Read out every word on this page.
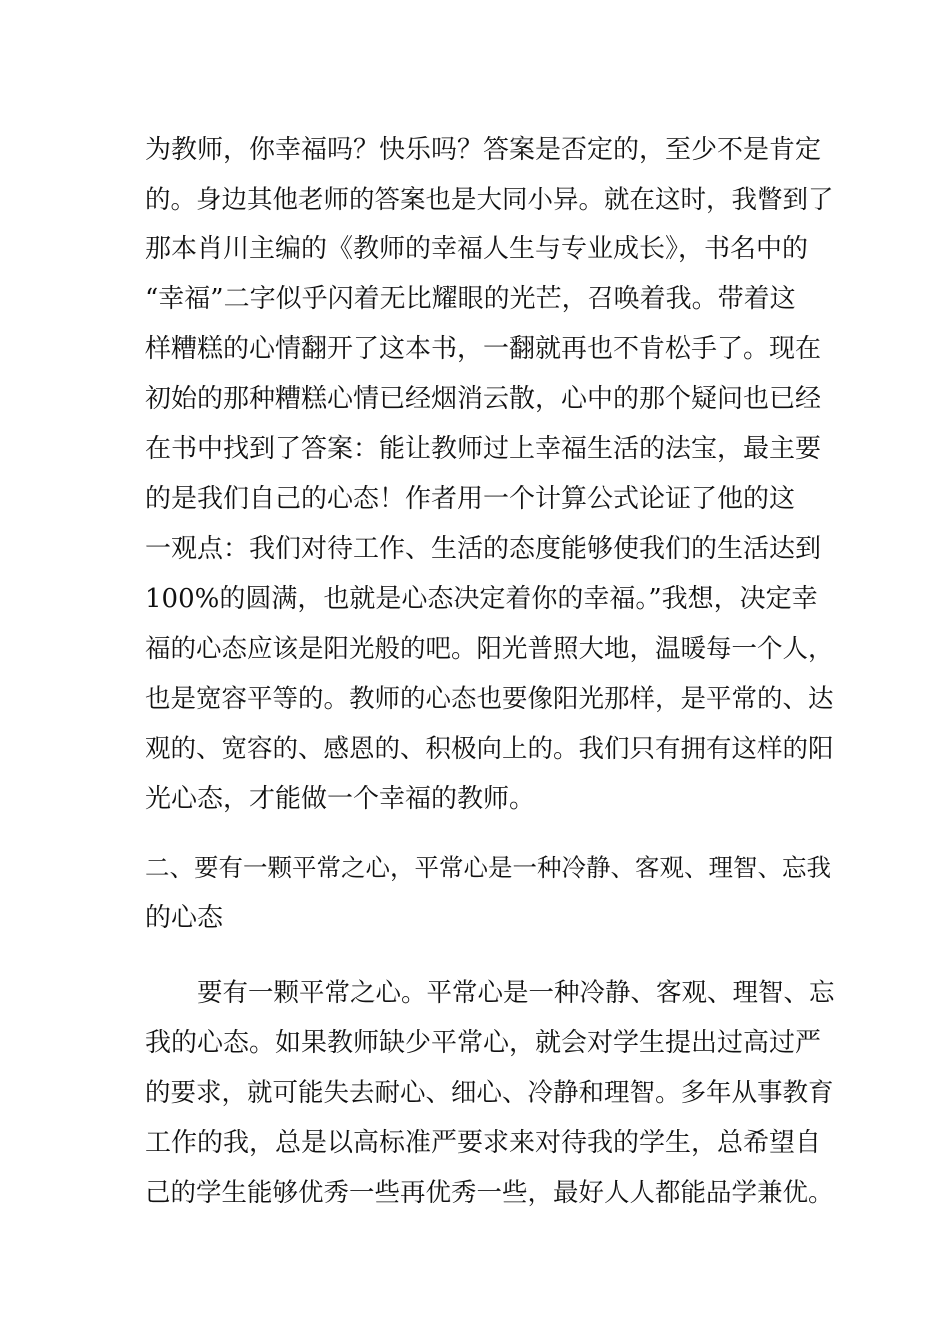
为教师，你幸福吗？快乐吗？答案是否定的，至少不是肯定
的。身边其他老师的答案也是大同小异。就在这时，我瞥到了
那本肖川主编的《教师的幸福人生与专业成长》，书名中的
“幸福”二字似乎闪着无比耀眼的光芒，召唤着我。带着这
样糟糕的心情翻开了这本书，一翻就再也不肯松手了。现在
初始的那种糟糕心情已经烟消云散，心中的那个疑问也已经
在书中找到了答案：能让教师过上幸福生活的法宝，最主要
的是我们自己的心态！作者用一个计算公式论证了他的这
一观点：我们对待工作、生活的态度能够使我们的生活达到
100%的圆满，也就是心态决定着你的幸福。”我想，决定幸
福的心态应该是阳光般的吧。阳光普照大地，温暖每一个人，
也是宽容平等的。教师的心态也要像阳光那样，是平常的、达
观的、宽容的、感恩的、积极向上的。我们只有拥有这样的阳
光心态，才能做一个幸福的教师。
二、要有一颗平常之心，平常心是一种冷静、客观、理智、忘我
的心态
要有一颗平常之心。平常心是一种冷静、客观、理智、忘
我的心态。如果教师缺少平常心，就会对学生提出过高过严
的要求，就可能失去耐心、细心、冷静和理智。多年从事教育
工作的我，总是以高标准严要求来对待我的学生，总希望自
己的学生能够优秀一些再优秀一些，最好人人都能品学兼优。
